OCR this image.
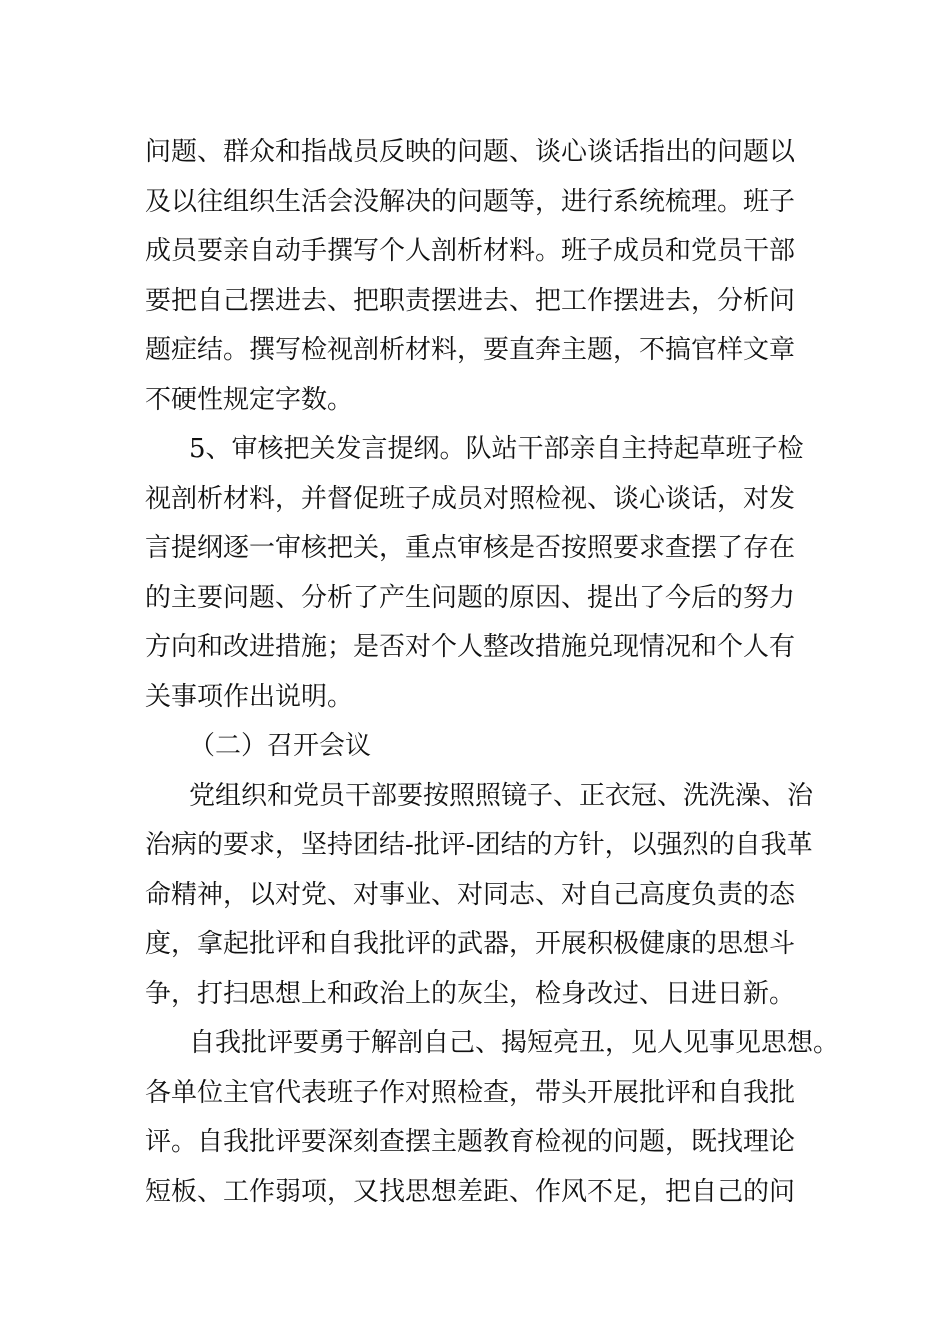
问题、群众和指战员反映的问题、谈心谈话指出的问题以
及以往组织生活会没解决的问题等，进行系统梳理。班子
成员要亲自动手撰写个人剖析材料。班子成员和党员干部
要把自己摆进去、把职责摆进去、把工作摆进去，分析问
题症结。撰写检视剖析材料，要直奔主题，不搞官样文章
不硬性规定字数。

5、审核把关发言提纲。队站干部亲自主持起草班子检
视剖析材料，并督促班子成员对照检视、谈心谈话，对发
言提纲逐一审核把关，重点审核是否按照要求查摆了存在
的主要问题、分析了产生问题的原因、提出了今后的努力
方向和改进措施；是否对个人整改措施兑现情况和个人有
关事项作出说明。

（二）召开会议

党组织和党员干部要按照照镜子、正衣冠、洗洗澡、治
治病的要求，坚持团结-批评-团结的方针，以强烈的自我革
命精神，以对党、对事业、对同志、对自己高度负责的态
度，拿起批评和自我批评的武器，开展积极健康的思想斗
争，打扫思想上和政治上的灰尘，检身改过、日进日新。

自我批评要勇于解剖自己、揭短亮丑，见人见事见思想。
各单位主官代表班子作对照检查，带头开展批评和自我批
评。自我批评要深刻查摆主题教育检视的问题，既找理论
短板、工作弱项，又找思想差距、作风不足，把自己的问
